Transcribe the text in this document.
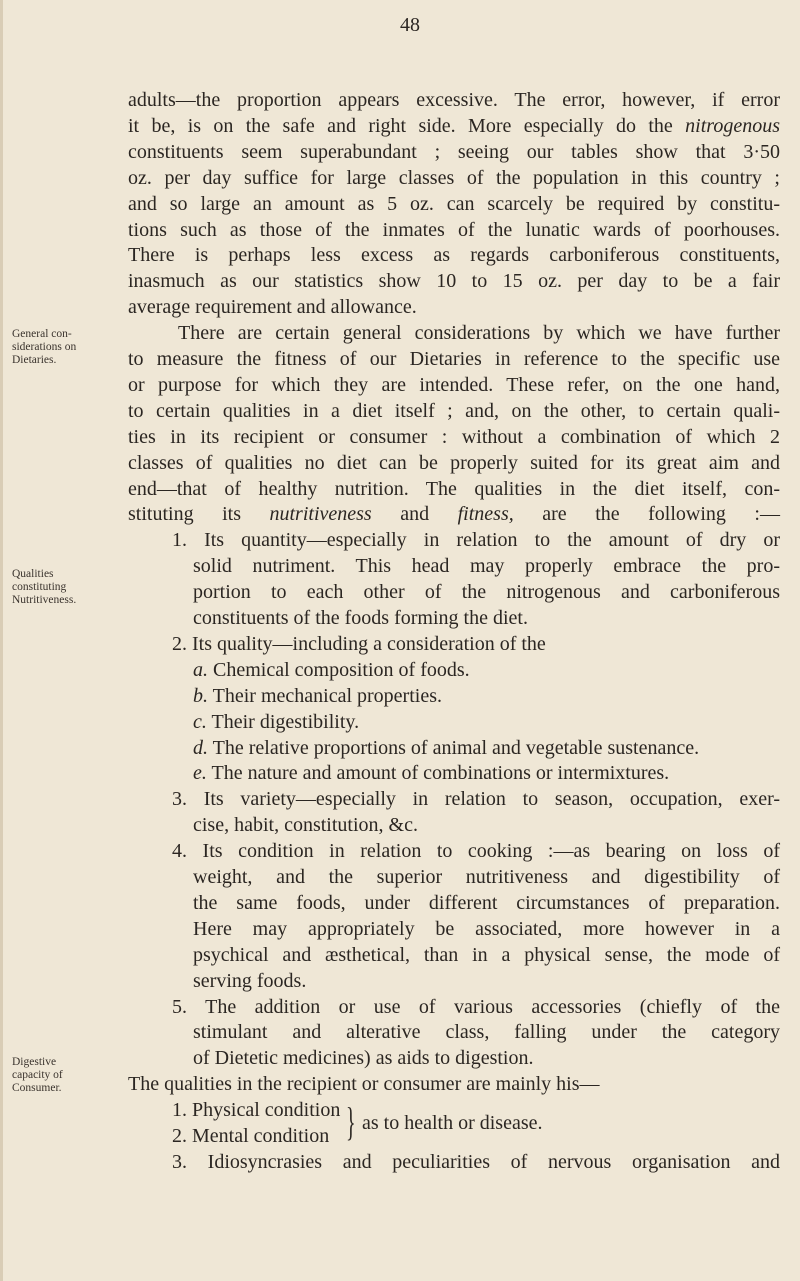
48
General con-
siderations on
Dietaries.
Qualities
constituting
Nutritiveness.
Digestive
capacity of
Consumer.
adults—the proportion appears excessive. The error, however, if error
it be, is on the safe and right side. More especially do the nitrogenous
constituents seem superabundant ; seeing our tables show that 3·50
oz. per day suffice for large classes of the population in this country ;
and so large an amount as 5 oz. can scarcely be required by constitu-
tions such as those of the inmates of the lunatic wards of poorhouses.
There is perhaps less excess as regards carboniferous constituents,
inasmuch as our statistics show 10 to 15 oz. per day to be a fair
average requirement and allowance.
There are certain general considerations by which we have further
to measure the fitness of our Dietaries in reference to the specific use
or purpose for which they are intended. These refer, on the one hand,
to certain qualities in a diet itself ; and, on the other, to certain quali-
ties in its recipient or consumer : without a combination of which 2
classes of qualities no diet can be properly suited for its great aim and
end—that of healthy nutrition. The qualities in the diet itself, con-
stituting its nutritiveness and fitness, are the following :—
1. Its quantity—especially in relation to the amount of dry or
solid nutriment. This head may properly embrace the pro-
portion to each other of the nitrogenous and carboniferous
constituents of the foods forming the diet.
2. Its quality—including a consideration of the
a. Chemical composition of foods.
b. Their mechanical properties.
c. Their digestibility.
d. The relative proportions of animal and vegetable sustenance.
e. The nature and amount of combinations or intermixtures.
3. Its variety—especially in relation to season, occupation, exer-
cise, habit, constitution, &c.
4. Its condition in relation to cooking :—as bearing on loss of
weight, and the superior nutritiveness and digestibility of
the same foods, under different circumstances of preparation.
Here may appropriately be associated, more however in a
psychical and æsthetical, than in a physical sense, the mode of
serving foods.
5. The addition or use of various accessories (chiefly of the
stimulant and alterative class, falling under the category
of Dietetic medicines) as aids to digestion.
The qualities in the recipient or consumer are mainly his—
1. Physical condition
2. Mental condition
3. Idiosyncrasies and peculiarities of nervous organisation and
} as to health or disease.
